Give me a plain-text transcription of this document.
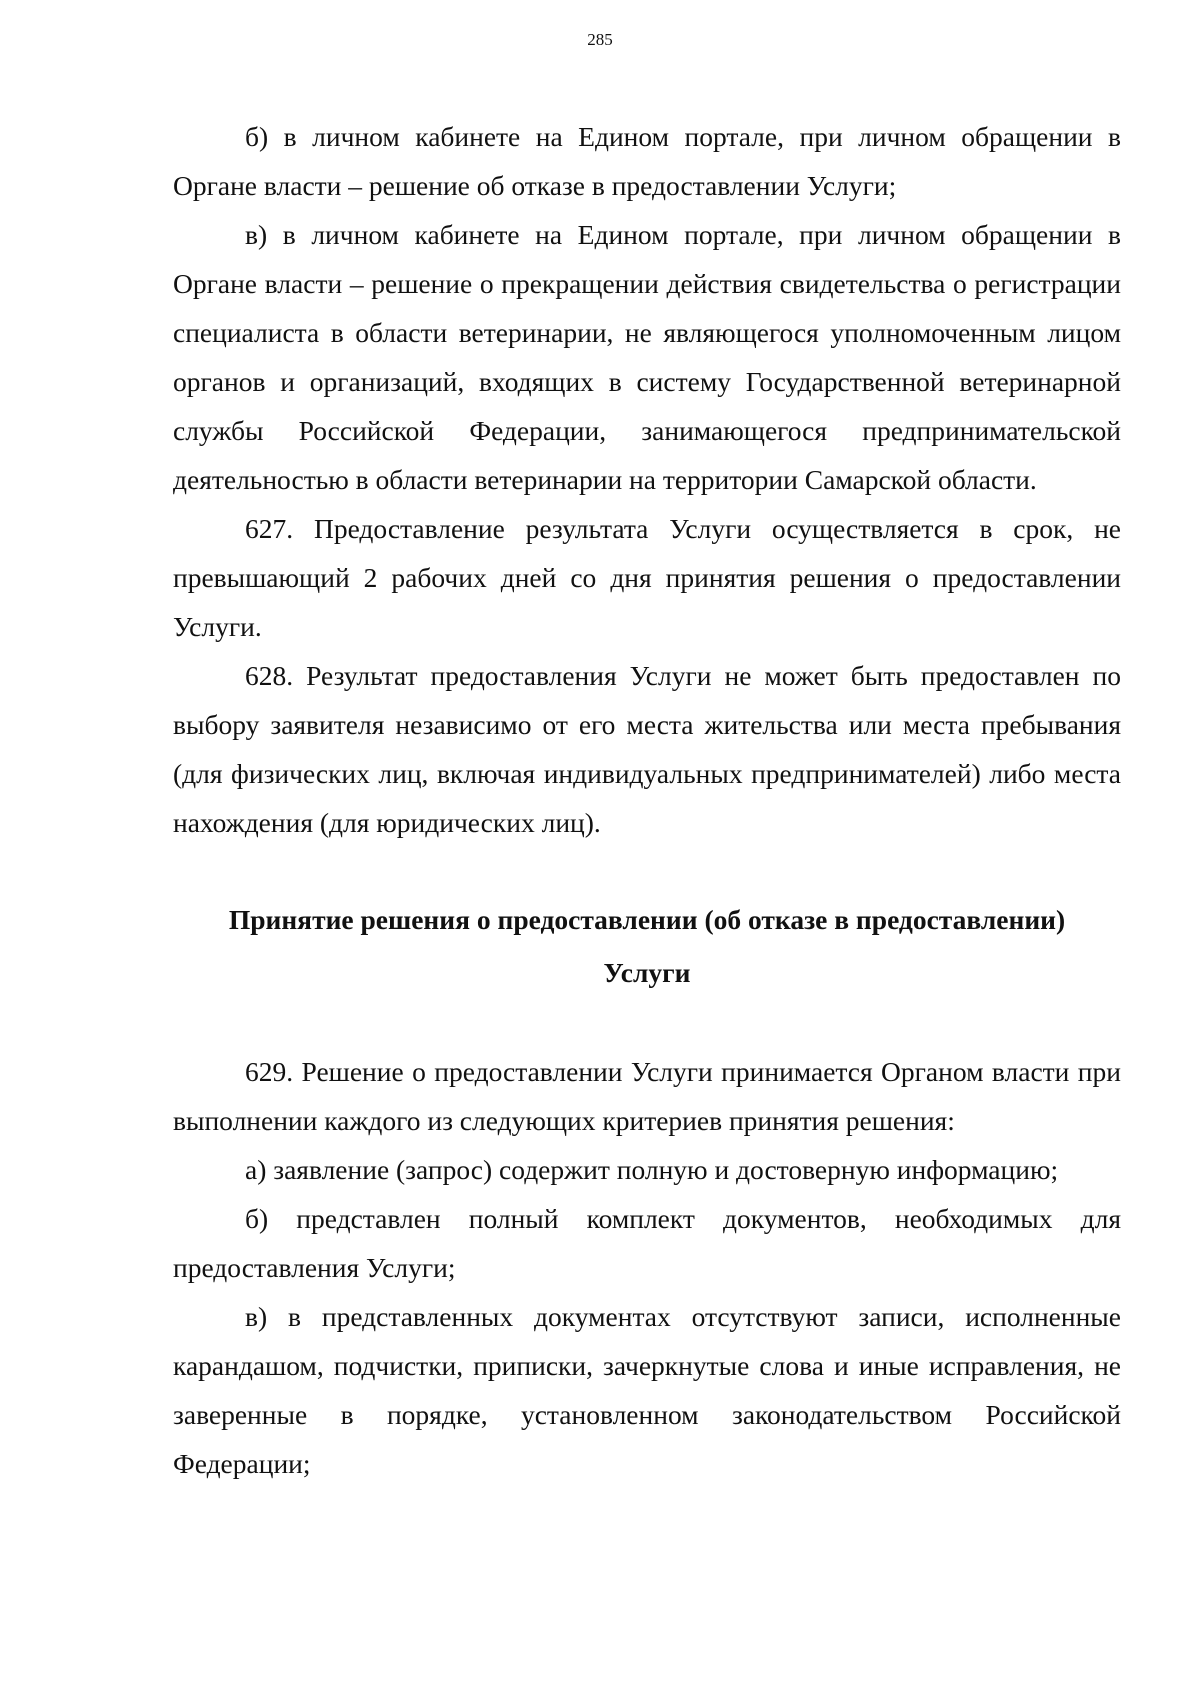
285

б) в личном кабинете на Едином портале, при личном обращении в Органе власти – решение об отказе в предоставлении Услуги;

в) в личном кабинете на Едином портале, при личном обращении в Органе власти – решение о прекращении действия свидетельства о регистрации специалиста в области ветеринарии, не являющегося уполномоченным лицом органов и организаций, входящих в систему Государственной ветеринарной службы Российской Федерации, занимающегося предпринимательской деятельностью в области ветеринарии на территории Самарской области.

627. Предоставление результата Услуги осуществляется в срок, не превышающий 2 рабочих дней со дня принятия решения о предоставлении Услуги.

628. Результат предоставления Услуги не может быть предоставлен по выбору заявителя независимо от его места жительства или места пребывания (для физических лиц, включая индивидуальных предпринимателей) либо места нахождения (для юридических лиц).

Принятие решения о предоставлении (об отказе в предоставлении)

Услуги

629. Решение о предоставлении Услуги принимается Органом власти при выполнении каждого из следующих критериев принятия решения:

а) заявление (запрос) содержит полную и достоверную информацию;

б) представлен полный комплект документов, необходимых для предоставления Услуги;

в) в представленных документах отсутствуют записи, исполненные карандашом, подчистки, приписки, зачеркнутые слова и иные исправления, не заверенные в порядке, установленном законодательством Российской Федерации;
